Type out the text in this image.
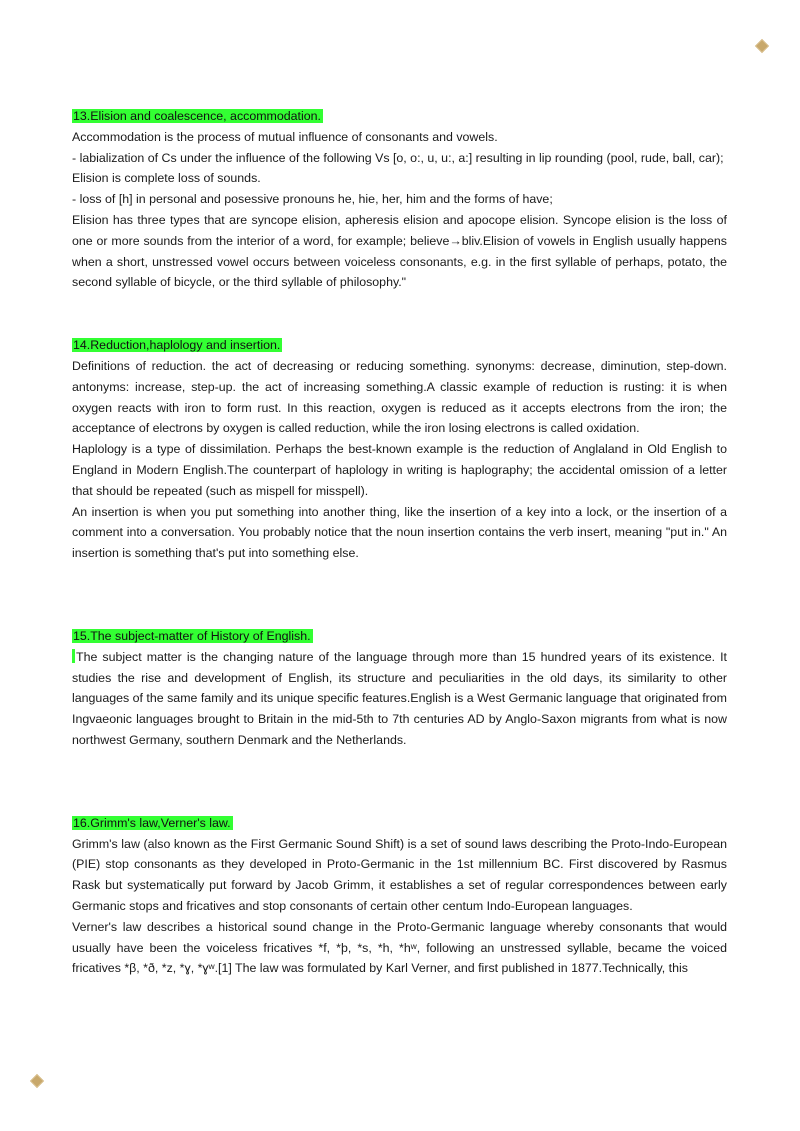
13.Elision and coalescence, accommodation.

Accommodation is the process of mutual influence of consonants and vowels.

- labialization of Cs under the influence of the following Vs [o, o:, u, u:, a:] resulting in lip rounding (pool, rude, ball, car);

Elision is complete loss of sounds.

- loss of [h] in personal and posessive pronouns he, hie, her, him and the forms of have;

Elision has three types that are syncope elision, apheresis elision and apocope elision. Syncope elision is the loss of one or more sounds from the interior of a word, for example; believe→bliv.Elision of vowels in English usually happens when a short, unstressed vowel occurs between voiceless consonants, e.g. in the first syllable of perhaps, potato, the second syllable of bicycle, or the third syllable of philosophy."

14.Reduction,haplology and insertion.

Definitions of reduction. the act of decreasing or reducing something. synonyms: decrease, diminution, step-down. antonyms: increase, step-up. the act of increasing something.A classic example of reduction is rusting: it is when oxygen reacts with iron to form rust. In this reaction, oxygen is reduced as it accepts electrons from the iron; the acceptance of electrons by oxygen is called reduction, while the iron losing electrons is called oxidation.

Haplology is a type of dissimilation. Perhaps the best-known example is the reduction of Anglaland in Old English to England in Modern English.The counterpart of haplology in writing is haplography; the accidental omission of a letter that should be repeated (such as mispell for misspell).

An insertion is when you put something into another thing, like the insertion of a key into a lock, or the insertion of a comment into a conversation. You probably notice that the noun insertion contains the verb insert, meaning "put in." An insertion is something that's put into something else.

15.The subject-matter of History of English.

The subject matter is the changing nature of the language through more than 15 hundred years of its existence. It studies the rise and development of English, its structure and peculiarities in the old days, its similarity to other languages of the same family and its unique specific features.English is a West Germanic language that originated from Ingvaeonic languages brought to Britain in the mid-5th to 7th centuries AD by Anglo-Saxon migrants from what is now northwest Germany, southern Denmark and the Netherlands.

16.Grimm's law,Verner's law.

Grimm's law (also known as the First Germanic Sound Shift) is a set of sound laws describing the Proto-Indo-European (PIE) stop consonants as they developed in Proto-Germanic in the 1st millennium BC. First discovered by Rasmus Rask but systematically put forward by Jacob Grimm, it establishes a set of regular correspondences between early Germanic stops and fricatives and stop consonants of certain other centum Indo-European languages.

Verner's law describes a historical sound change in the Proto-Germanic language whereby consonants that would usually have been the voiceless fricatives *f, *þ, *s, *h, *hʷ, following an unstressed syllable, became the voiced fricatives *β, *ð, *z, *ɣ, *ɣʷ.[1] The law was formulated by Karl Verner, and first published in 1877.Technically, this
